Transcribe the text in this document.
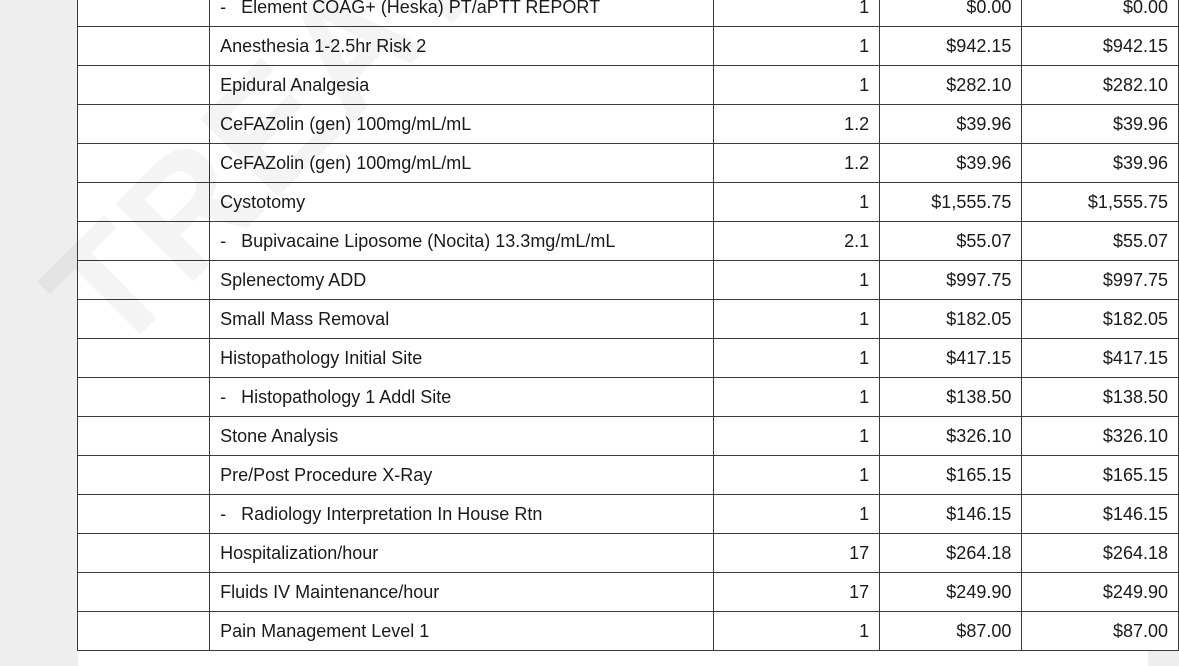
	- Element COAG+ (Heska) PT/aPTT REPORT	1	$0.00	$0.00
	Anesthesia 1-2.5hr Risk 2	1	$942.15	$942.15
	Epidural Analgesia	1	$282.10	$282.10
	CeFAZolin (gen) 100mg/mL/mL	1.2	$39.96	$39.96
	CeFAZolin (gen) 100mg/mL/mL	1.2	$39.96	$39.96
	Cystotomy	1	$1,555.75	$1,555.75
	- Bupivacaine Liposome (Nocita) 13.3mg/mL/mL	2.1	$55.07	$55.07
	Splenectomy ADD	1	$997.75	$997.75
	Small Mass Removal	1	$182.05	$182.05
	Histopathology Initial Site	1	$417.15	$417.15
	- Histopathology 1 Addl Site	1	$138.50	$138.50
	Stone Analysis	1	$326.10	$326.10
	Pre/Post Procedure X-Ray	1	$165.15	$165.15
	- Radiology Interpretation In House Rtn	1	$146.15	$146.15
	Hospitalization/hour	17	$264.18	$264.18
	Fluids IV Maintenance/hour	17	$249.90	$249.90
	Pain Management Level 1	1	$87.00	$87.00
